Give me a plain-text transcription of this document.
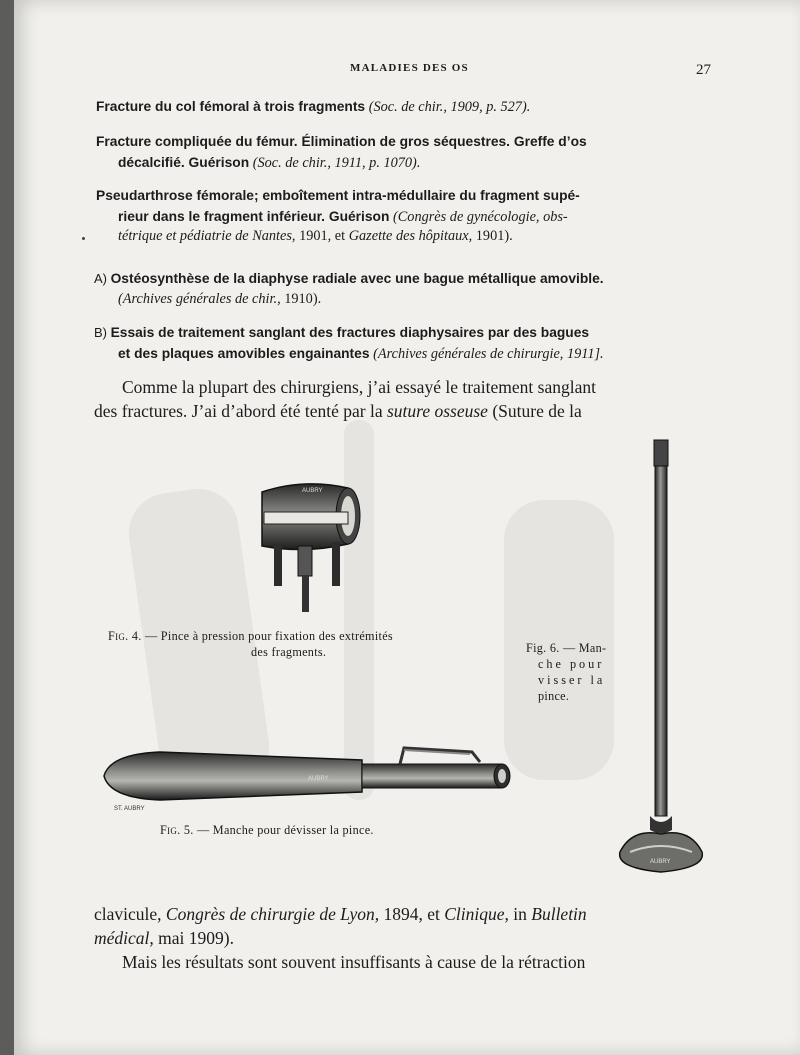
MALADIES DES OS	27
Fracture du col fémoral à trois fragments (Soc. de chir., 1909, p. 527).
Fracture compliquée du fémur. Élimination de gros séquestres. Greffe d’os
décalcifié. Guérison (Soc. de chir., 1911, p. 1070).
Pseudarthrose fémorale; emboîtement intra-médullaire du fragment supé-
rieur dans le fragment inférieur. Guérison (Congrès de gynécologie, obs-
tétrique et pédiatrie de Nantes, 1901, et Gazette des hôpitaux, 1901).
A) Ostéosynthèse de la diaphyse radiale avec une bague métallique amovible.
(Archives générales de chir., 1910).
B) Essais de traitement sanglant des fractures diaphysaires par des bagues
et des plaques amovibles engainantes (Archives générales de chirurgie, 1911].
Comme la plupart des chirurgiens, j’ai essayé le traitement sanglant
des fractures. J’ai d’abord été tenté par la suture osseuse (Suture de la
AUBRY
Fig. 4. — Pince à pression pour fixation des extrémités
des fragments.
AUBRY
Fig. 6. — Man-
che pour
visser la
pince.
AUBRY
ST. AUBRY
Fig. 5. — Manche pour dévisser la pince.
clavicule, Congrès de chirurgie de Lyon, 1894, et Clinique, in Bulletin
médical, mai 1909).
Mais les résultats sont souvent insuffisants à cause de la rétraction
